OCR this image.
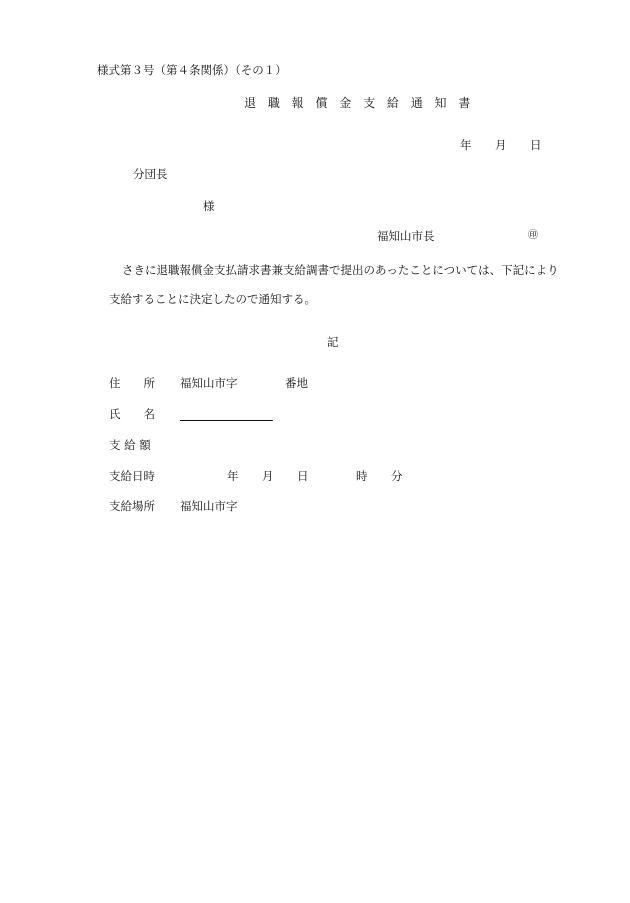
様式第３号（第４条関係）（その１）
退 職 報 償 金 支 給 通 知 書
年 月 日
分団長
様
福知山市長	㊞
さきに退職報償金支払請求書兼支給調書で提出のあったことについては、下記により
支給することに決定したので通知する。
記
住　　所 福知山市字	番地
氏　　名
支 給 額
支給日時	年 月 日	時 分
支給場所 福知山市字
